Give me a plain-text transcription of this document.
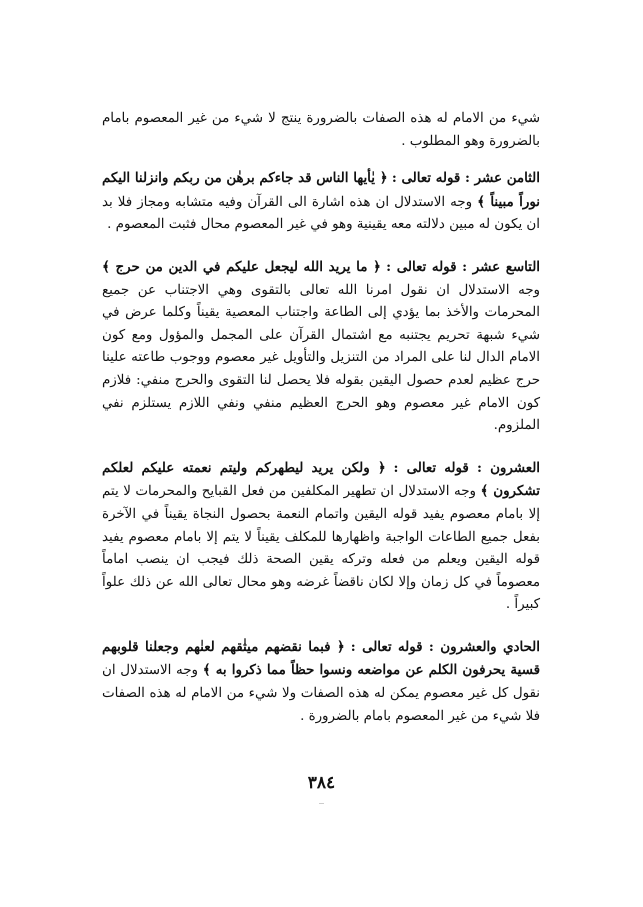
شيء من الامام له هذه الصفات بالضرورة ينتج لا شيء من غير المعصوم بامام بالضرورة وهو المطلوب .

الثامن عشر : قوله تعالى : ﴿ يٰأيها الناس قد جاءكم برهٰن من ربكم وانزلنا اليكم نوراً مبيناً ﴾ وجه الاستدلال ان هذه اشارة الى القرآن وفيه متشابه ومجاز فلا بد ان يكون له مبين دلالته معه يقينية وهو في غير المعصوم محال فثبت المعصوم .

التاسع عشر : قوله تعالى : ﴿ ما يريد الله ليجعل عليكم في الدين من حرج ﴾ وجه الاستدلال ان نقول امرنا الله تعالى بالتقوى وهي الاجتناب عن جميع المحرمات والأخذ بما يؤدي إلى الطاعة واجتناب المعصية يقيناً وكلما عرض في شيء شبهة تحريم يجتنبه مع اشتمال القرآن على المجمل والمؤول ومع كون الامام الدال لنا على المراد من التنزيل والتأويل غير معصوم ووجوب طاعته علينا حرج عظيم لعدم حصول اليقين بقوله فلا يحصل لنا التقوى والحرج منفي: فلازم كون الامام غير معصوم وهو الحرج العظيم منفي ونفي اللازم يستلزم نفي الملزوم.

العشرون : قوله تعالى : ﴿ ولكن يريد ليطهركم وليتم نعمته عليكم لعلكم تشكرون ﴾ وجه الاستدلال ان تطهير المكلفين من فعل القبايح والمحرمات لا يتم إلا بامام معصوم يفيد قوله اليقين واتمام النعمة بحصول النجاة يقيناً في الآخرة بفعل جميع الطاعات الواجبة واظهارها للمكلف يقيناً لا يتم إلا بامام معصوم يفيد قوله اليقين ويعلم من فعله وتركه يقين الصحة ذلك فيجب ان ينصب اماماً معصوماً في كل زمان وإلا لكان ناقضاً غرضه وهو محال تعالى الله عن ذلك علواً كبيراً .

الحادي والعشرون : قوله تعالى : ﴿ فبما نقضهم ميثٰقهم لعنٰهم وجعلنا قلوبهم قسية يحرفون الكلم عن مواضعه ونسوا حظاً مما ذكروا به ﴾ وجه الاستدلال ان نقول كل غير معصوم يمكن له هذه الصفات ولا شيء من الامام له هذه الصفات فلا شيء من غير المعصوم بامام بالضرورة .

٣٨٤
